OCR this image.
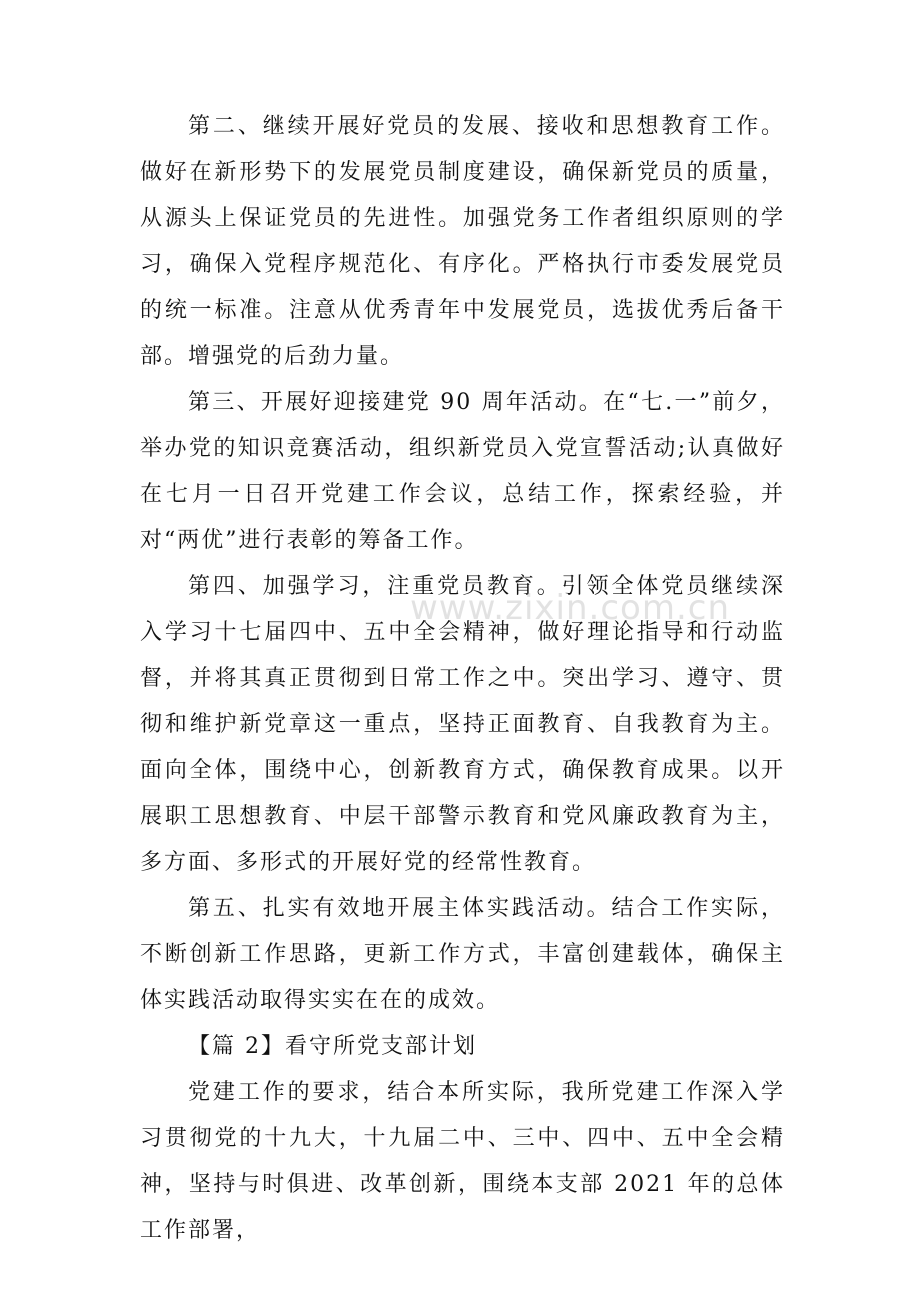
第二、继续开展好党员的发展、接收和思想教育工作。做好在新形势下的发展党员制度建设，确保新党员的质量，从源头上保证党员的先进性。加强党务工作者组织原则的学习，确保入党程序规范化、有序化。严格执行市委发展党员的统一标准。注意从优秀青年中发展党员，选拔优秀后备干部。增强党的后劲力量。

第三、开展好迎接建党 90 周年活动。在“七.一”前夕，举办党的知识竞赛活动，组织新党员入党宣誓活动;认真做好在七月一日召开党建工作会议，总结工作，探索经验，并对“两优”进行表彰的筹备工作。

第四、加强学习，注重党员教育。引领全体党员继续深入学习十七届四中、五中全会精神，做好理论指导和行动监督，并将其真正贯彻到日常工作之中。突出学习、遵守、贯彻和维护新党章这一重点，坚持正面教育、自我教育为主。面向全体，围绕中心，创新教育方式，确保教育成果。以开展职工思想教育、中层干部警示教育和党风廉政教育为主，多方面、多形式的开展好党的经常性教育。

第五、扎实有效地开展主体实践活动。结合工作实际，不断创新工作思路，更新工作方式，丰富创建载体，确保主体实践活动取得实实在在的成效。

【篇 2】看守所党支部计划

党建工作的要求，结合本所实际，我所党建工作深入学习贯彻党的十九大，十九届二中、三中、四中、五中全会精神，坚持与时俱进、改革创新，围绕本支部 2021 年的总体工作部署，

www.zixin.com.cn
